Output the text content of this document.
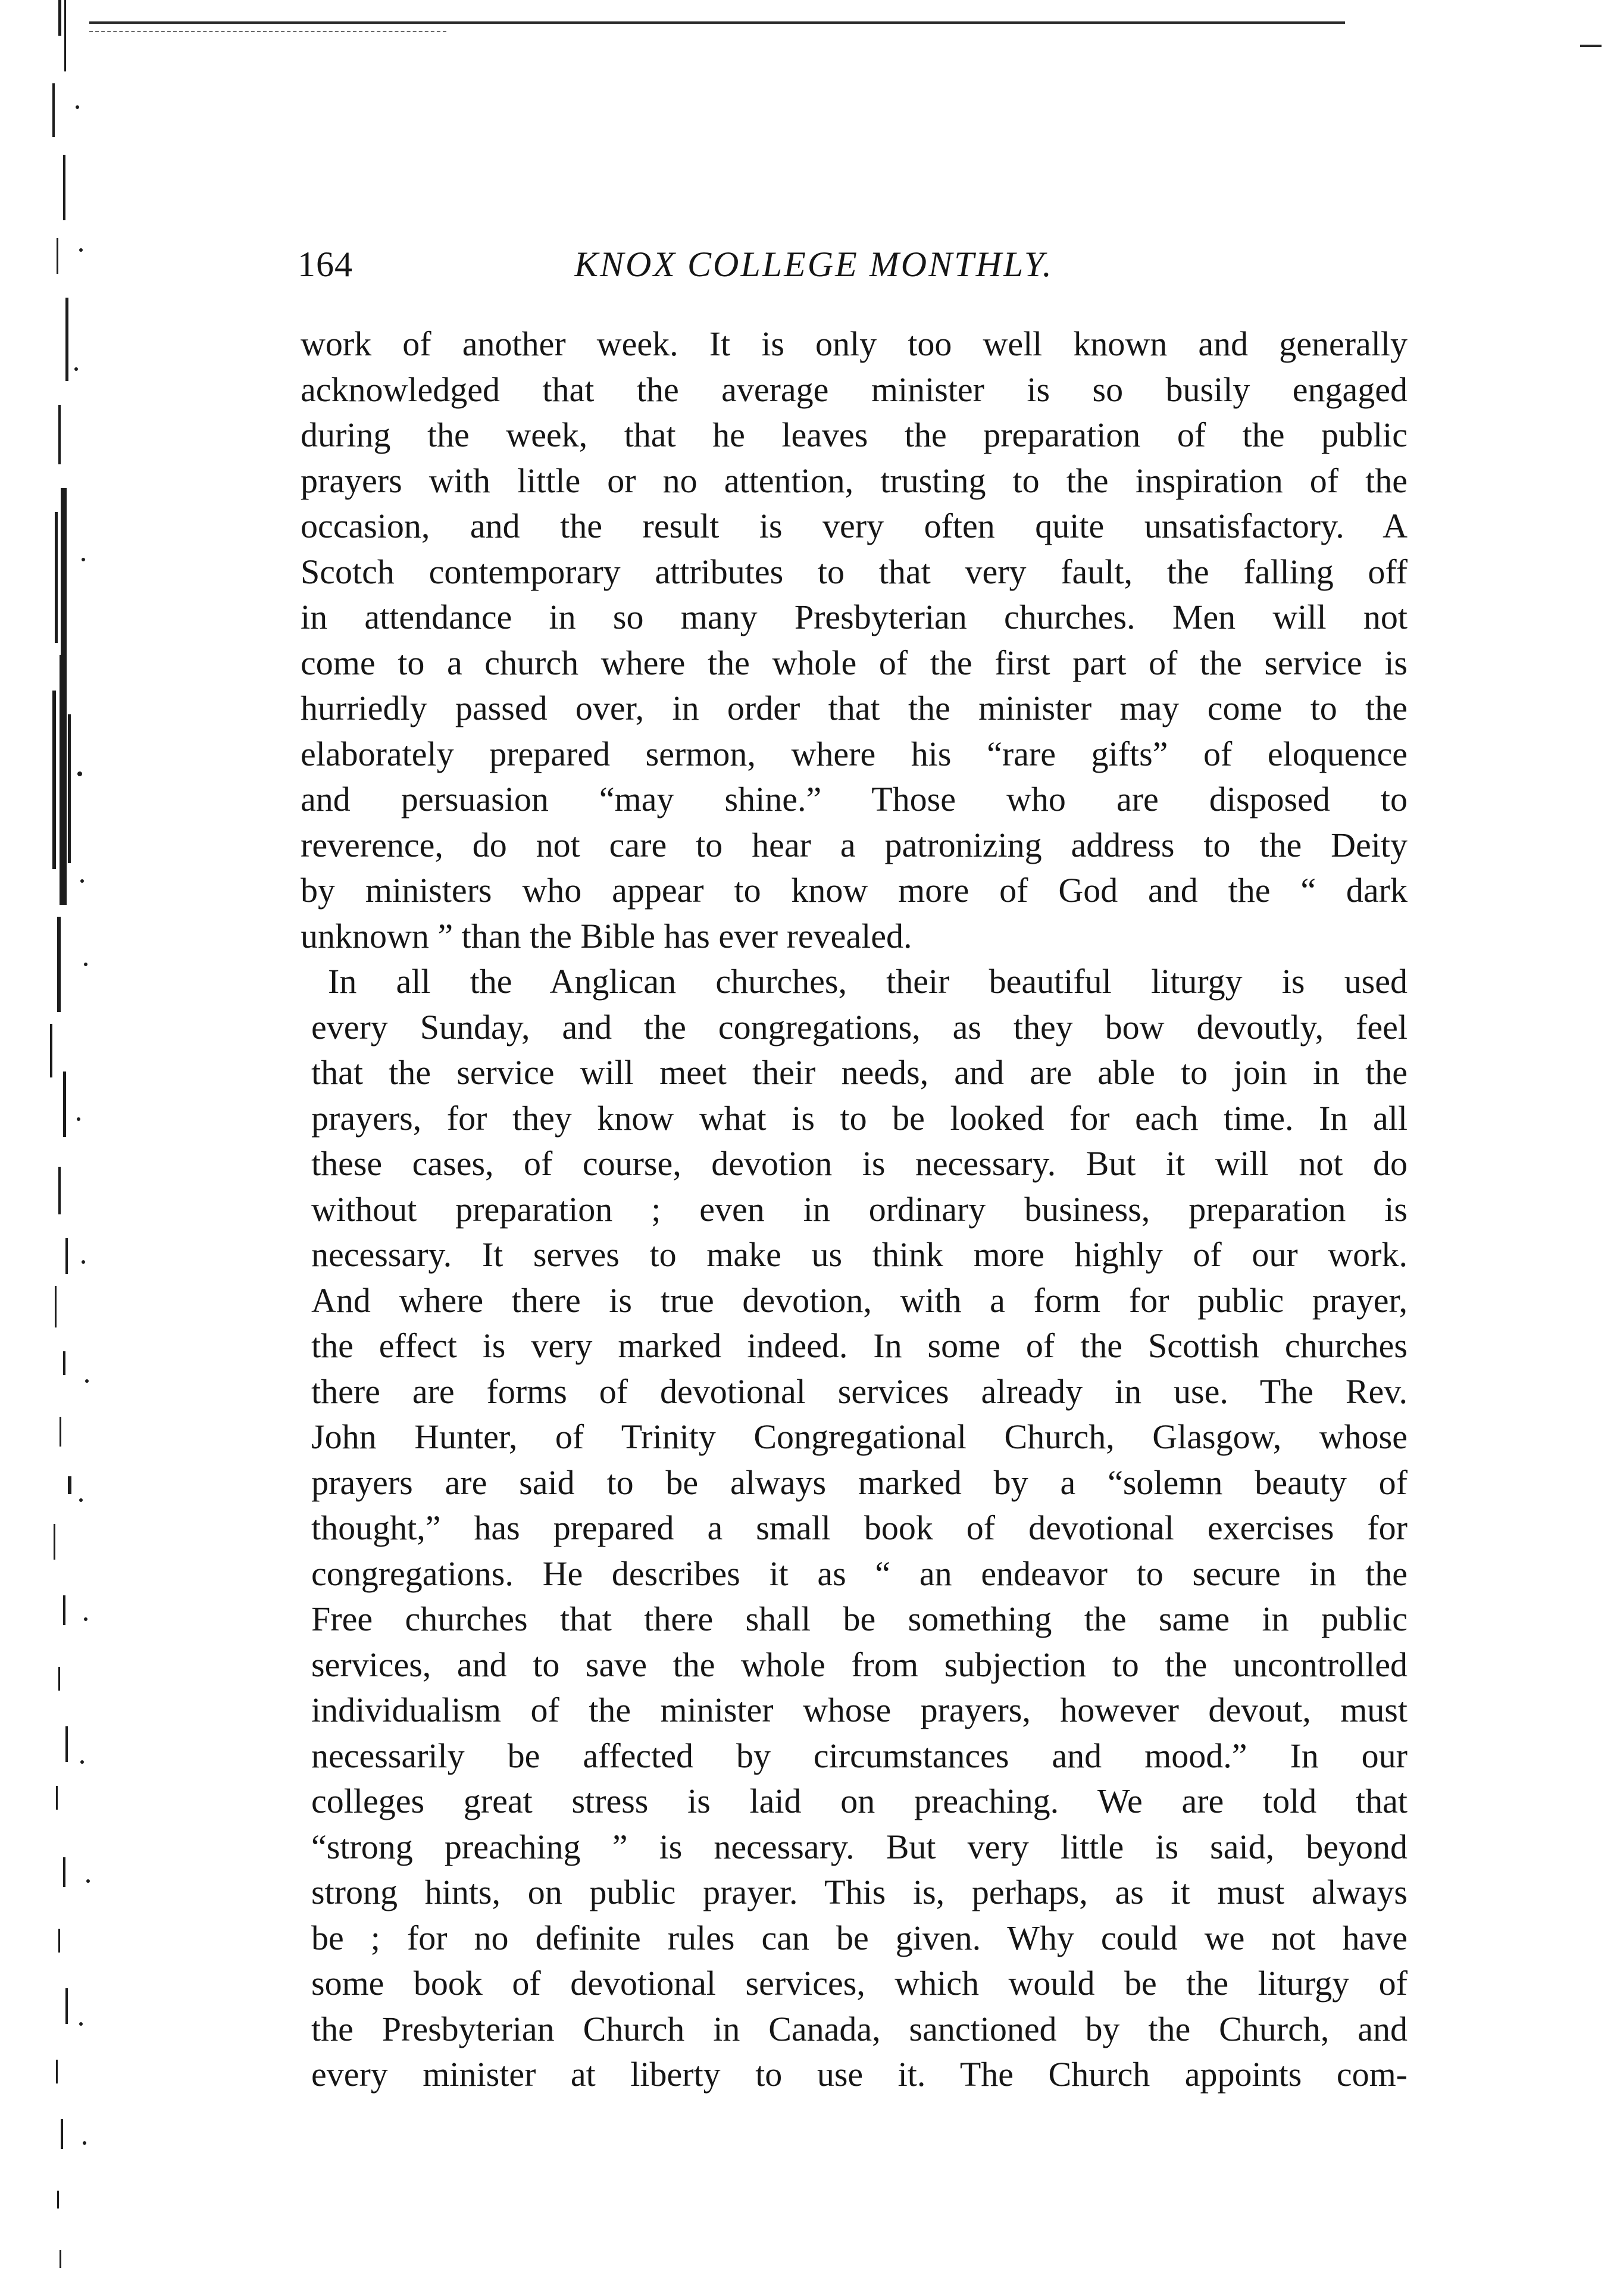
164	KNOX COLLEGE MONTHLY.
work of another week. It is only too well known and generally
acknowledged that the average minister is so busily engaged
during the week, that he leaves the preparation of the public
prayers with little or no attention, trusting to the inspiration of the
occasion, and the result is very often quite unsatisfactory. A
Scotch contemporary attributes to that very fault, the falling off
in attendance in so many Presbyterian churches. Men will not
come to a church where the whole of the first part of the service is
hurriedly passed over, in order that the minister may come to the
elaborately prepared sermon, where his “rare gifts” of eloquence
and persuasion “may shine.” Those who are disposed to
reverence, do not care to hear a patronizing address to the Deity
by ministers who appear to know more of God and the “ dark
unknown ” than the Bible has ever revealed.
In all the Anglican churches, their beautiful liturgy is used
every Sunday, and the congregations, as they bow devoutly, feel
that the service will meet their needs, and are able to join in the
prayers, for they know what is to be looked for each time. In all
these cases, of course, devotion is necessary. But it will not do
without preparation ; even in ordinary business, preparation is
necessary. It serves to make us think more highly of our work.
And where there is true devotion, with a form for public prayer,
the effect is very marked indeed. In some of the Scottish churches
there are forms of devotional services already in use. The Rev.
John Hunter, of Trinity Congregational Church, Glasgow, whose
prayers are said to be always marked by a “solemn beauty of
thought,” has prepared a small book of devotional exercises for
congregations. He describes it as “ an endeavor to secure in the
Free churches that there shall be something the same in public
services, and to save the whole from subjection to the uncontrolled
individualism of the minister whose prayers, however devout, must
necessarily be affected by circumstances and mood.” In our
colleges great stress is laid on preaching. We are told that
“strong preaching ” is necessary. But very little is said, beyond
strong hints, on public prayer. This is, perhaps, as it must always
be ; for no definite rules can be given. Why could we not have
some book of devotional services, which would be the liturgy of
the Presbyterian Church in Canada, sanctioned by the Church, and
every minister at liberty to use it. The Church appoints com-
